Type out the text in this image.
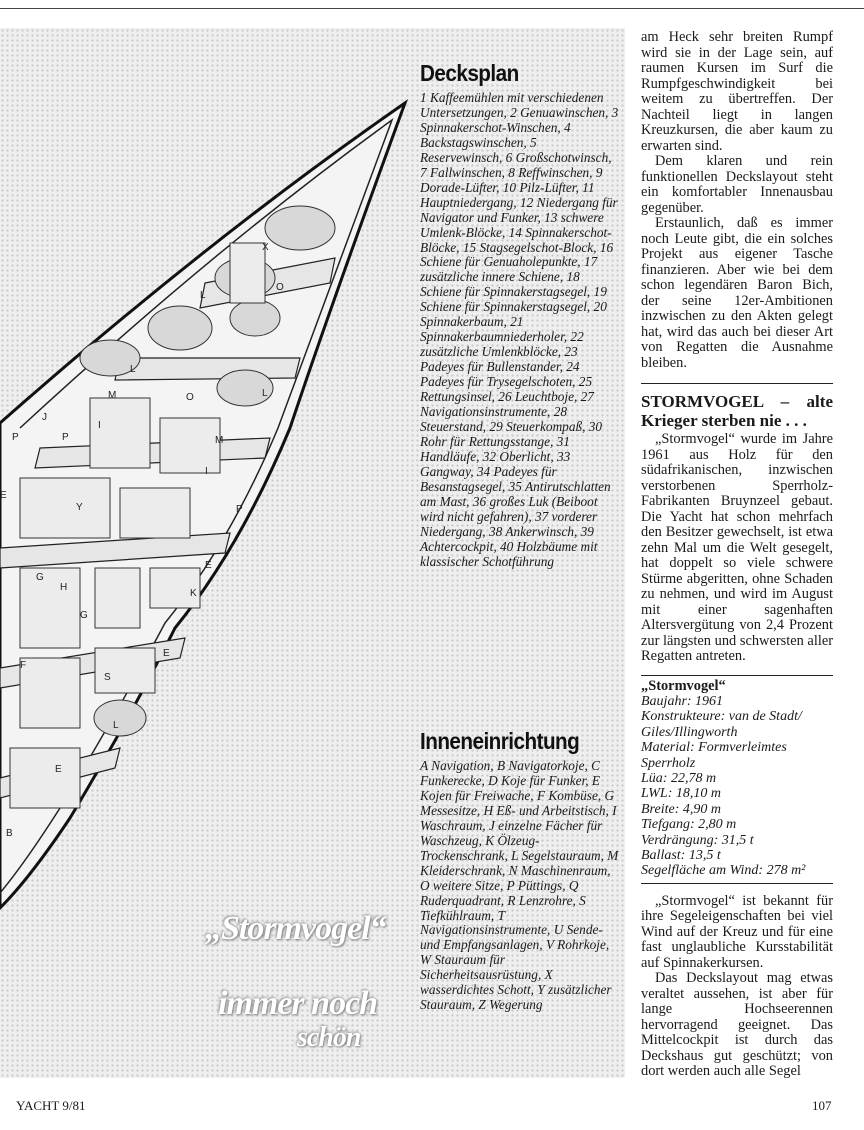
X
L
O
L
O
M	L
J
I
P	M
P
I
E
Y	P
E
G
H
G
K
F
S
E
L
E
B
Decksplan

1 Kaffeemühlen mit verschiedenen Untersetzungen, 2 Genuawinschen, 3 Spinnakerschot-Winschen, 4 Backstagswinschen, 5 Reservewinsch, 6 Großschotwinsch, 7 Fallwinschen, 8 Reffwinschen, 9 Dorade-Lüfter, 10 Pilz-Lüfter, 11 Hauptniedergang, 12 Niedergang für Navigator und Funker, 13 schwere Umlenk-Blöcke, 14 Spinnakerschot-Blöcke, 15 Stagsegelschot-Block, 16 Schiene für Genuaholepunkte, 17 zusätzliche innere Schiene, 18 Schiene für Spinnakerstagsegel, 19 Schiene für Spinnakerstagsegel, 20 Spinnakerbaum, 21 Spinnakerbaumniederholer, 22 zusätzliche Umlenkblöcke, 23 Padeyes für Bullenstander, 24 Padeyes für Trysegelschoten, 25 Rettungsinsel, 26 Leuchtboje, 27 Navigationsinstrumente, 28 Steuerstand, 29 Steuerkompaß, 30 Rohr für Rettungsstange, 31 Handläufe, 32 Oberlicht, 33 Gangway, 34 Padeyes für Besanstagsegel, 35 Antirutschlatten am Mast, 36 großes Luk (Beiboot wird nicht gefahren), 37 vorderer Niedergang, 38 Ankerwinsch, 39 Achtercockpit, 40 Holzbäume mit klassischer Schotführung

Inneneinrichtung

A Navigation, B Navigatorkoje, C Funkerecke, D Koje für Funker, E Kojen für Freiwache, F Kombüse, G Messesitze, H Eß- und Arbeitstisch, I Waschraum, J einzelne Fächer für Waschzeug, K Ölzeug-Trockenschrank, L Segelstauraum, M Kleiderschrank, N Maschinenraum, O weitere Sitze, P Püttings, Q Ruderquadrant, R Lenzrohre, S Tiefkühlraum, T Navigationsinstrumente, U Sende- und Empfangsanlagen, V Rohrkoje, W Stauraum für Sicherheitsausrüstung, X wasserdichtes Schott, Y zusätzlicher Stauraum, Z Wegerung

„Stormvogel“
immer noch
schön

am Heck sehr breiten Rumpf wird sie in der Lage sein, auf raumen Kursen im Surf die Rumpfgeschwindigkeit bei weitem zu übertreffen. Der Nachteil liegt in langen Kreuzkursen, die aber kaum zu erwarten sind.

Dem klaren und rein funktionellen Deckslayout steht ein komfortabler Innenausbau gegenüber.

Erstaunlich, daß es immer noch Leute gibt, die ein solches Projekt aus eigener Tasche finanzieren. Aber wie bei dem schon legendären Baron Bich, der seine 12er-Ambitionen inzwischen zu den Akten gelegt hat, wird das auch bei dieser Art von Regatten die Ausnahme bleiben.

STORMVOGEL – alte Krieger sterben nie . . .

„Stormvogel“ wurde im Jahre 1961 aus Holz für den südafrikanischen, inzwischen verstorbenen Sperrholz-Fabrikanten Bruynzeel gebaut. Die Yacht hat schon mehrfach den Besitzer gewechselt, ist etwa zehn Mal um die Welt gesegelt, hat doppelt so viele schwere Stürme abgeritten, ohne Schaden zu nehmen, und wird im August mit einer sagenhaften Altersvergütung von 2,4 Prozent zur längsten und schwersten aller Regatten antreten.

„Stormvogel“
Baujahr: 1961
Konstrukteure: van de Stadt/
Giles/Illingworth
Material: Formverleimtes
Sperrholz
Lüa: 22,78 m
LWL: 18,10 m
Breite: 4,90 m
Tiefgang: 2,80 m
Verdrängung: 31,5 t
Ballast: 13,5 t
Segelfläche am Wind: 278 m²

„Stormvogel“ ist bekannt für ihre Segeleigenschaften bei viel Wind auf der Kreuz und für eine fast unglaubliche Kursstabilität auf Spinnakerkursen.

Das Deckslayout mag etwas veraltet aussehen, ist aber für lange Hochseerennen hervorragend geeignet. Das Mittelcockpit ist durch das Deckshaus gut geschützt; von dort werden auch alle Segel

YACHT 9/81	107
